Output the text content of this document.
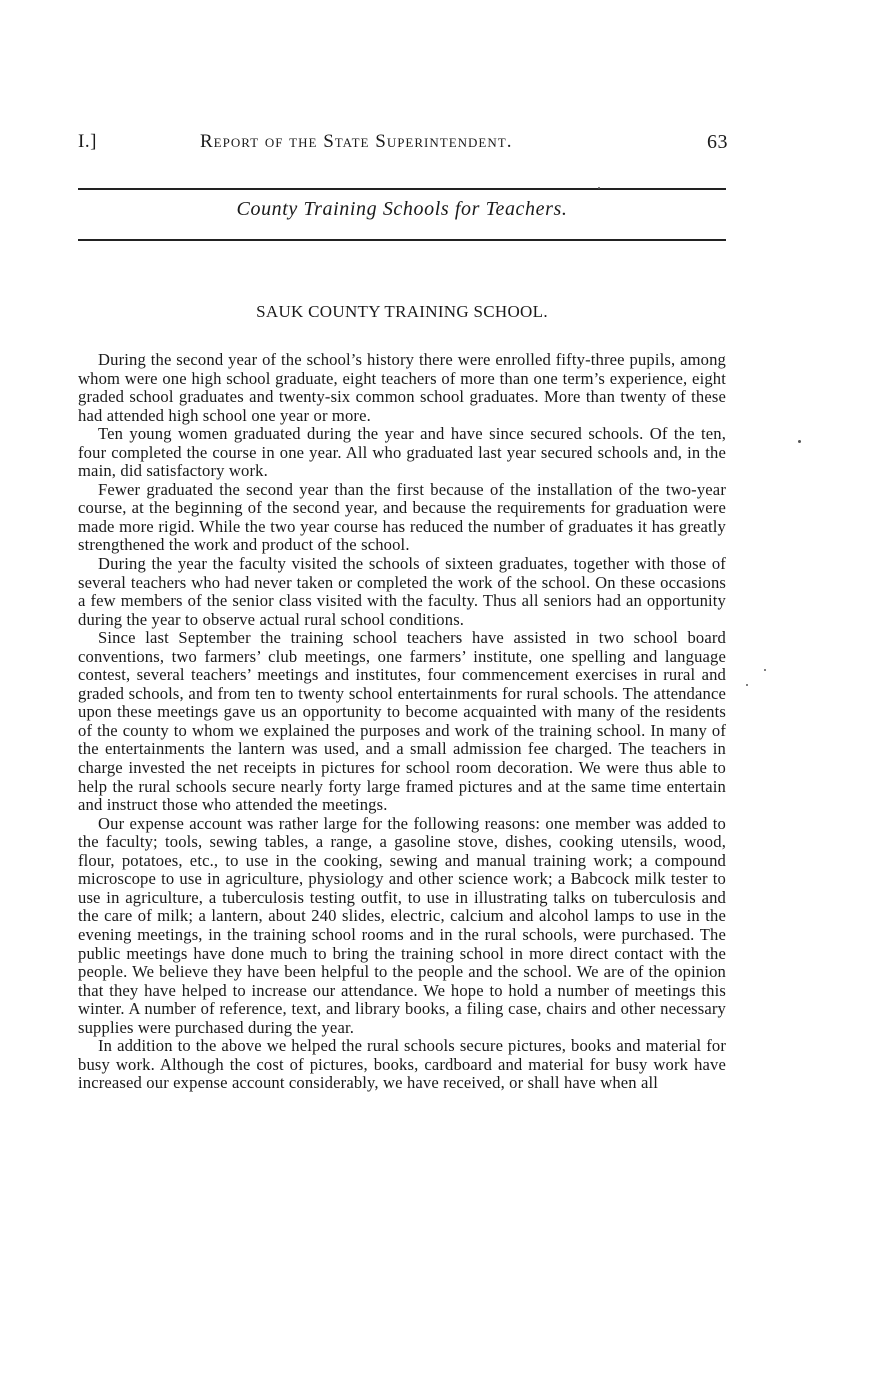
I.]	Report of the State Superintendent.	63
County Training Schools for Teachers.
SAUK COUNTY TRAINING SCHOOL.

During the second year of the school’s history there were enrolled fifty-three pupils, among whom were one high school graduate, eight teachers of more than one term’s experience, eight graded school graduates and twenty-six common school graduates. More than twenty of these had attended high school one year or more.

Ten young women graduated during the year and have since secured schools. Of the ten, four completed the course in one year. All who graduated last year secured schools and, in the main, did satisfactory work.

Fewer graduated the second year than the first because of the installation of the two-year course, at the beginning of the second year, and because the requirements for graduation were made more rigid. While the two year course has reduced the number of graduates it has greatly strengthened the work and product of the school.

During the year the faculty visited the schools of sixteen graduates, together with those of several teachers who had never taken or completed the work of the school. On these occasions a few members of the senior class visited with the faculty. Thus all seniors had an opportunity during the year to observe actual rural school conditions.

Since last September the training school teachers have assisted in two school board conventions, two farmers’ club meetings, one farmers’ institute, one spelling and language contest, several teachers’ meetings and institutes, four commencement exercises in rural and graded schools, and from ten to twenty school entertainments for rural schools. The attendance upon these meetings gave us an opportunity to become acquainted with many of the residents of the county to whom we explained the purposes and work of the training school. In many of the entertainments the lantern was used, and a small admission fee charged. The teachers in charge invested the net receipts in pictures for school room decoration. We were thus able to help the rural schools secure nearly forty large framed pictures and at the same time entertain and instruct those who attended the meetings.

Our expense account was rather large for the following reasons: one member was added to the faculty; tools, sewing tables, a range, a gasoline stove, dishes, cooking utensils, wood, flour, potatoes, etc., to use in the cooking, sewing and manual training work; a compound microscope to use in agriculture, physiology and other science work; a Babcock milk tester to use in agriculture, a tuberculosis testing outfit, to use in illustrating talks on tuberculosis and the care of milk; a lantern, about 240 slides, electric, calcium and alcohol lamps to use in the evening meetings, in the training school rooms and in the rural schools, were purchased. The public meetings have done much to bring the training school in more direct contact with the people. We believe they have been helpful to the people and the school. We are of the opinion that they have helped to increase our attendance. We hope to hold a number of meetings this winter. A number of reference, text, and library books, a filing case, chairs and other necessary supplies were purchased during the year.

In addition to the above we helped the rural schools secure pictures, books and material for busy work. Although the cost of pictures, books, cardboard and material for busy work have increased our expense account considerably, we have received, or shall have when all
